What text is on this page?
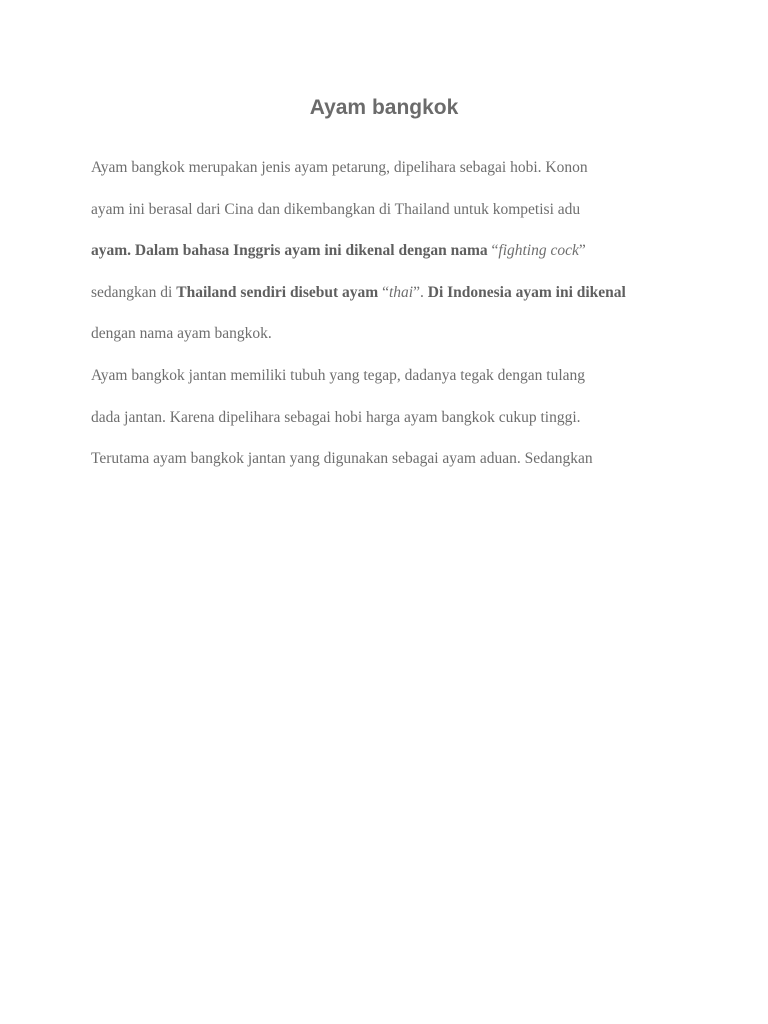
Ayam bangkok
Ayam bangkok merupakan jenis ayam petarung, dipelihara sebagai hobi. Konon
ayam ini berasal dari Cina dan dikembangkan di Thailand untuk kompetisi adu
ayam. Dalam bahasa Inggris ayam ini dikenal dengan nama “fighting cock”
sedangkan di Thailand sendiri disebut ayam “thai”. Di Indonesia ayam ini dikenal
dengan nama ayam bangkok.
Ayam bangkok jantan memiliki tubuh yang tegap, dadanya tegak dengan tulang
dada jantan. Karena dipelihara sebagai hobi harga ayam bangkok cukup tinggi.
Terutama ayam bangkok jantan yang digunakan sebagai ayam aduan. Sedangkan
